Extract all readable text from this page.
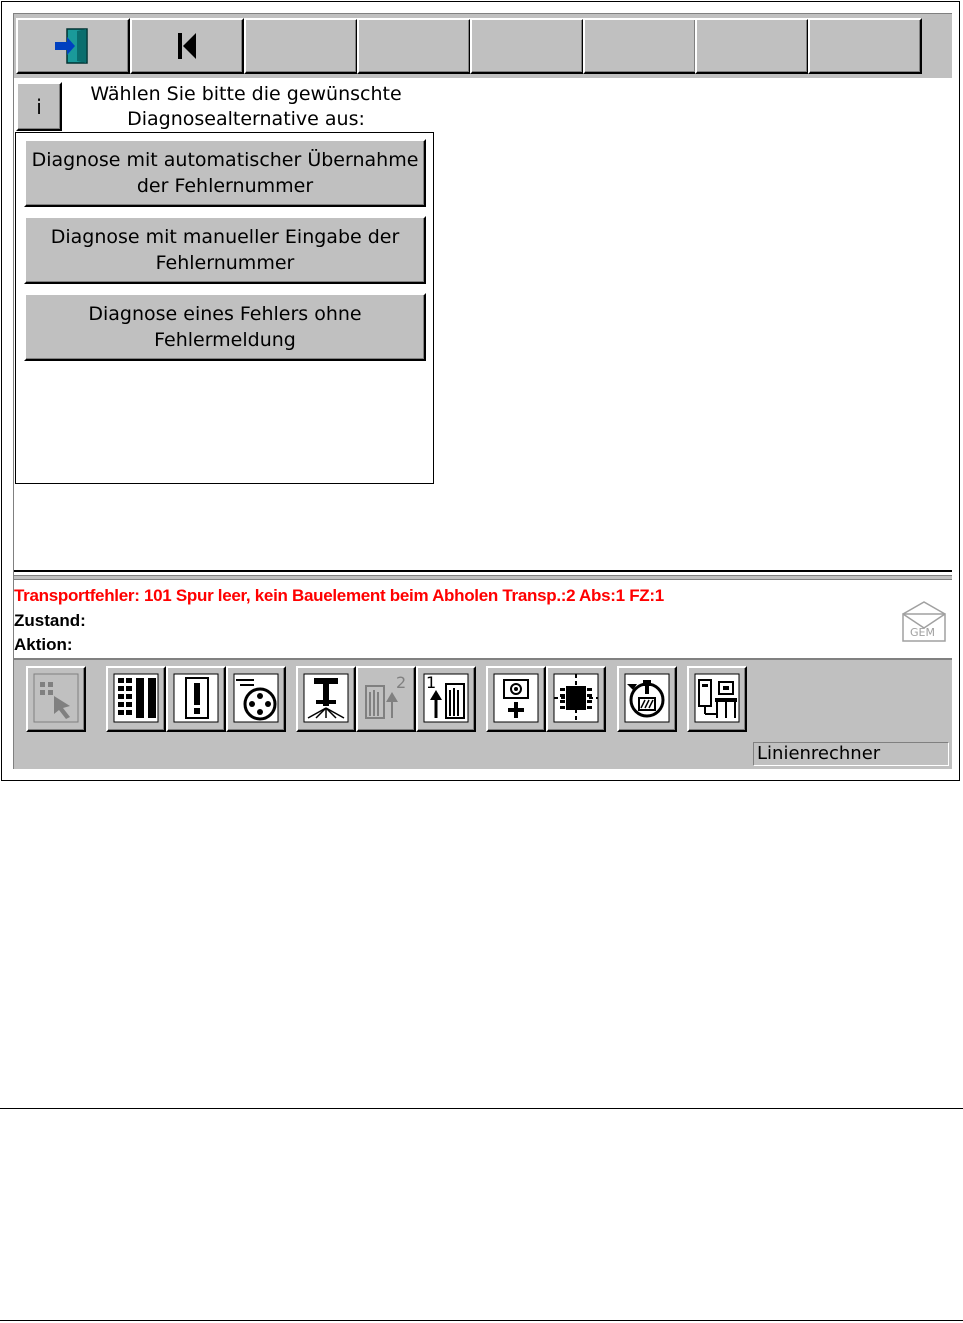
i
Wählen Sie bitte die gewünschte
Diagnosealternative aus:
Diagnose mit automatischer Übernahme
der Fehlernummer
Diagnose mit manueller Eingabe der
Fehlernummer
Diagnose eines Fehlers ohne
Fehlermeldung
Transportfehler: 101 Spur leer, kein Bauelement beim Abholen Transp.:2 Abs:1 FZ:1
Zustand:
Aktion:
GEM
2 1
Linienrechner
